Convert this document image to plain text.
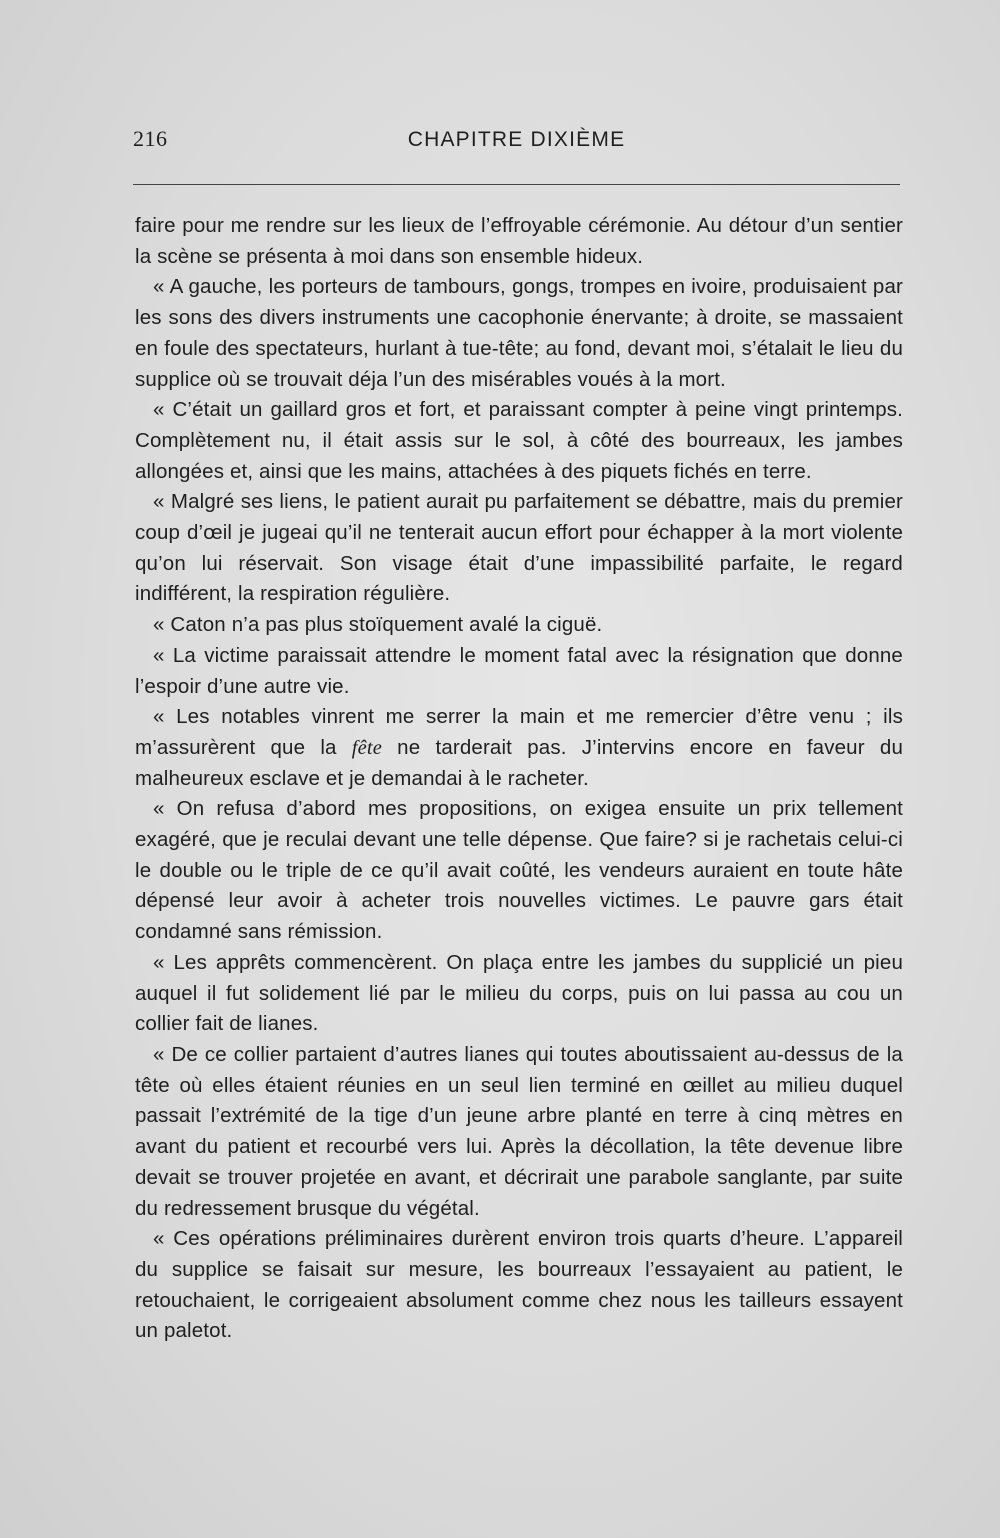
216	CHAPITRE DIXIÈME

faire pour me rendre sur les lieux de l’effroyable cérémonie. Au détour d’un sentier la scène se présenta à moi dans son ensemble hideux.

« A gauche, les porteurs de tambours, gongs, trompes en ivoire, produisaient par les sons des divers instruments une cacophonie énervante; à droite, se massaient en foule des spectateurs, hurlant à tue-tête; au fond, devant moi, s’étalait le lieu du supplice où se trouvait déja l’un des misérables voués à la mort.

« C’était un gaillard gros et fort, et paraissant compter à peine vingt printemps. Complètement nu, il était assis sur le sol, à côté des bourreaux, les jambes allongées et, ainsi que les mains, attachées à des piquets fichés en terre.

« Malgré ses liens, le patient aurait pu parfaitement se débattre, mais du premier coup d’œil je jugeai qu’il ne tenterait aucun effort pour échapper à la mort violente qu’on lui réservait. Son visage était d’une impassibilité parfaite, le regard indifférent, la respiration régulière.

« Caton n’a pas plus stoïquement avalé la ciguë.

« La victime paraissait attendre le moment fatal avec la résignation que donne l’espoir d’une autre vie.

« Les notables vinrent me serrer la main et me remercier d’être venu ; ils m’assurèrent que la fête ne tarderait pas. J’intervins encore en faveur du malheureux esclave et je demandai à le racheter.

« On refusa d’abord mes propositions, on exigea ensuite un prix tellement exagéré, que je reculai devant une telle dépense. Que faire? si je rachetais celui-ci le double ou le triple de ce qu’il avait coûté, les vendeurs auraient en toute hâte dépensé leur avoir à acheter trois nouvelles victimes. Le pauvre gars était condamné sans rémission.

« Les apprêts commencèrent. On plaça entre les jambes du supplicié un pieu auquel il fut solidement lié par le milieu du corps, puis on lui passa au cou un collier fait de lianes.

« De ce collier partaient d’autres lianes qui toutes aboutissaient au-dessus de la tête où elles étaient réunies en un seul lien terminé en œillet au milieu duquel passait l’extrémité de la tige d’un jeune arbre planté en terre à cinq mètres en avant du patient et recourbé vers lui. Après la décollation, la tête devenue libre devait se trouver projetée en avant, et décrirait une parabole sanglante, par suite du redressement brusque du végétal.

« Ces opérations préliminaires durèrent environ trois quarts d’heure. L’appareil du supplice se faisait sur mesure, les bourreaux l’essayaient au patient, le retouchaient, le corrigeaient absolument comme chez nous les tailleurs essayent un paletot.
